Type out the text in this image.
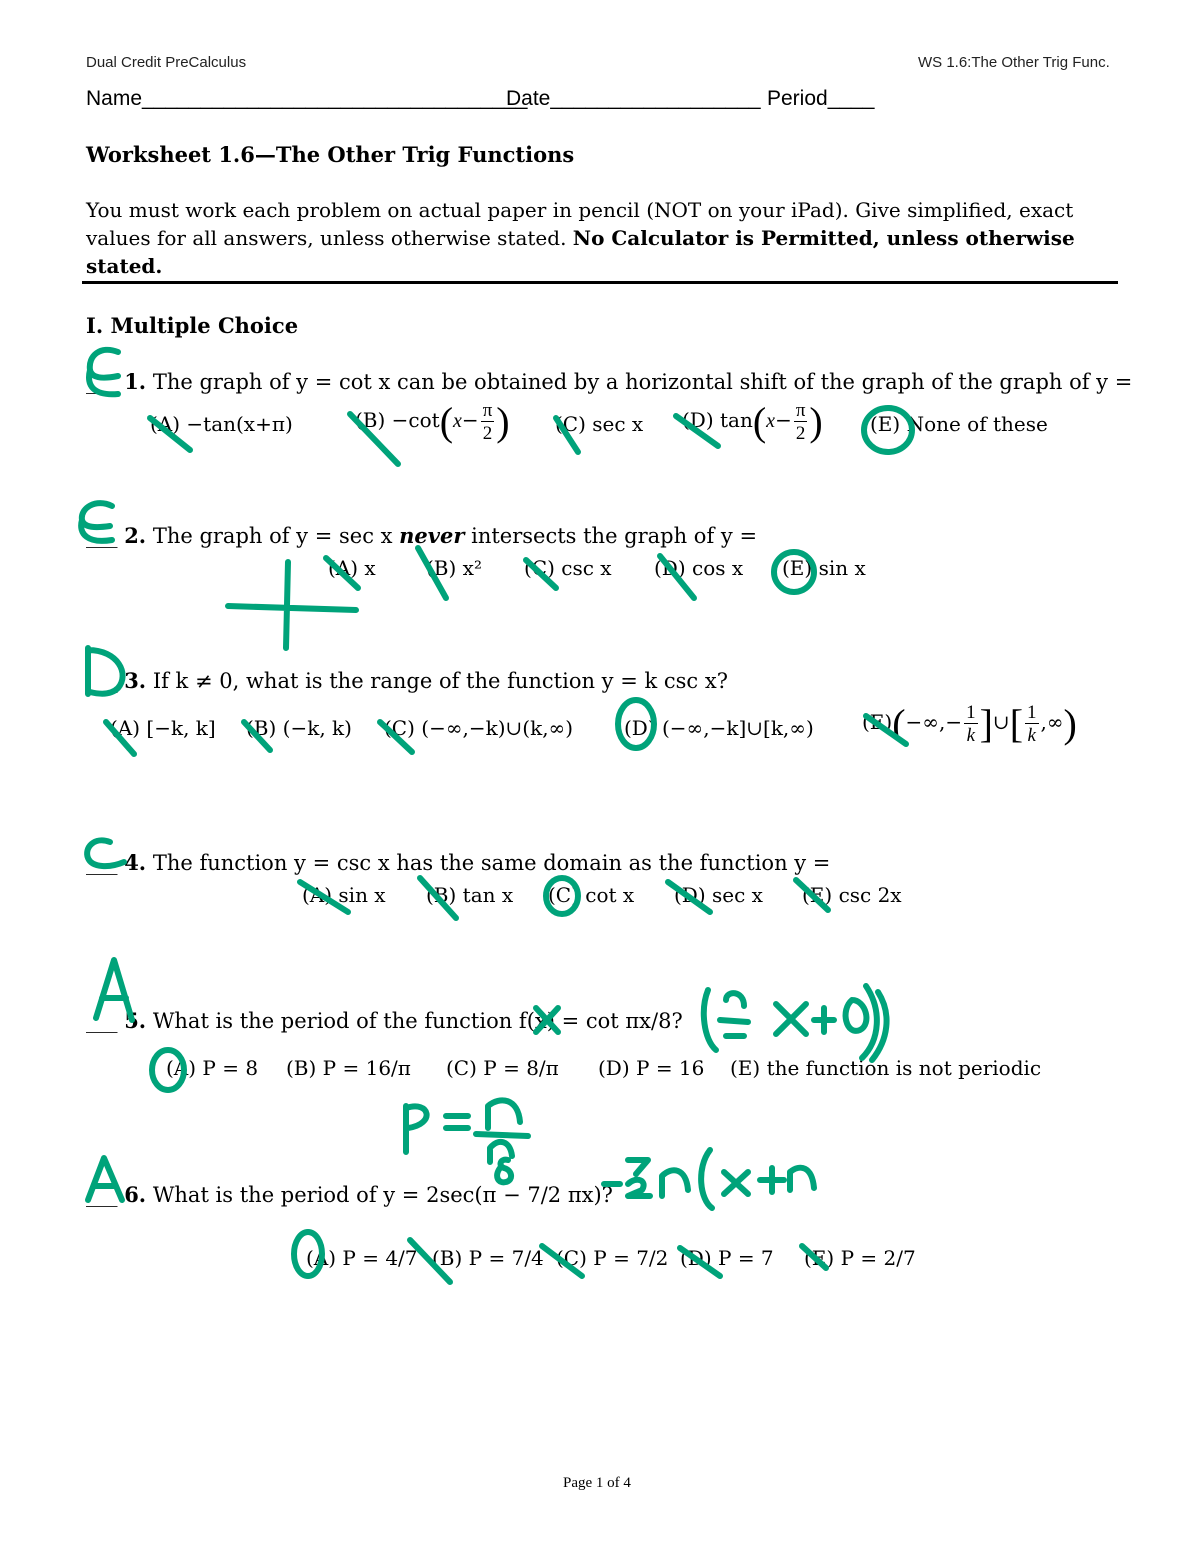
Dual Credit PreCalculus	WS 1.6:The Other Trig Func.
Name_________________________________
Date__________________ Period____
Worksheet 1.6—The Other Trig Functions
You must work each problem on actual paper in pencil (NOT on your iPad). Give simplified, exact
values for all answers, unless otherwise stated. No Calculator is Permitted, unless otherwise
stated.
I. Multiple Choice
___ 1. The graph of y = cot x can be obtained by a horizontal shift of the graph of the graph of y =
(A) −tan(x+π)	$(B) -\cot(x- \frac{\pi}{2}$ ) (C) sec x (D) $\tan(x- \frac{\pi}{2}$ ) (E) None of these
___ 2. The graph of y = sec x never intersects the graph of y =
(A) x	(B) x² (C) csc x (D) cos x (E) sin x
___ 3. If k ≠ 0, what is the range of the function y = k csc x?
(A) [−k, k] (B) (−k, k) (C) (−∞,−k)∪(k,∞)	(D) (−∞,−k]∪[k,∞) $(E)(-\infty,- \frac{1}{k}$ ]∪[ $\frac{1}{k}$ ,∞)
___ 4. The function y = csc x has the same domain as the function y =
(A) sin x (B) tan x (C) cot x (D) sec x (E) csc 2x
___ 5. What is the period of the function f(x) = cot πx/8?
(A) P = 8 (B) P = 16/π (C) P = 8/π (D) P = 16 (E) the function is not periodic
___ 6. What is the period of y = 2sec(π − 7/2 πx)?
(A) P = 4/7 (B) P = 7/4 (C) P = 7/2 (D) P = 7 (E) P = 2/7
Page 1 of 4
